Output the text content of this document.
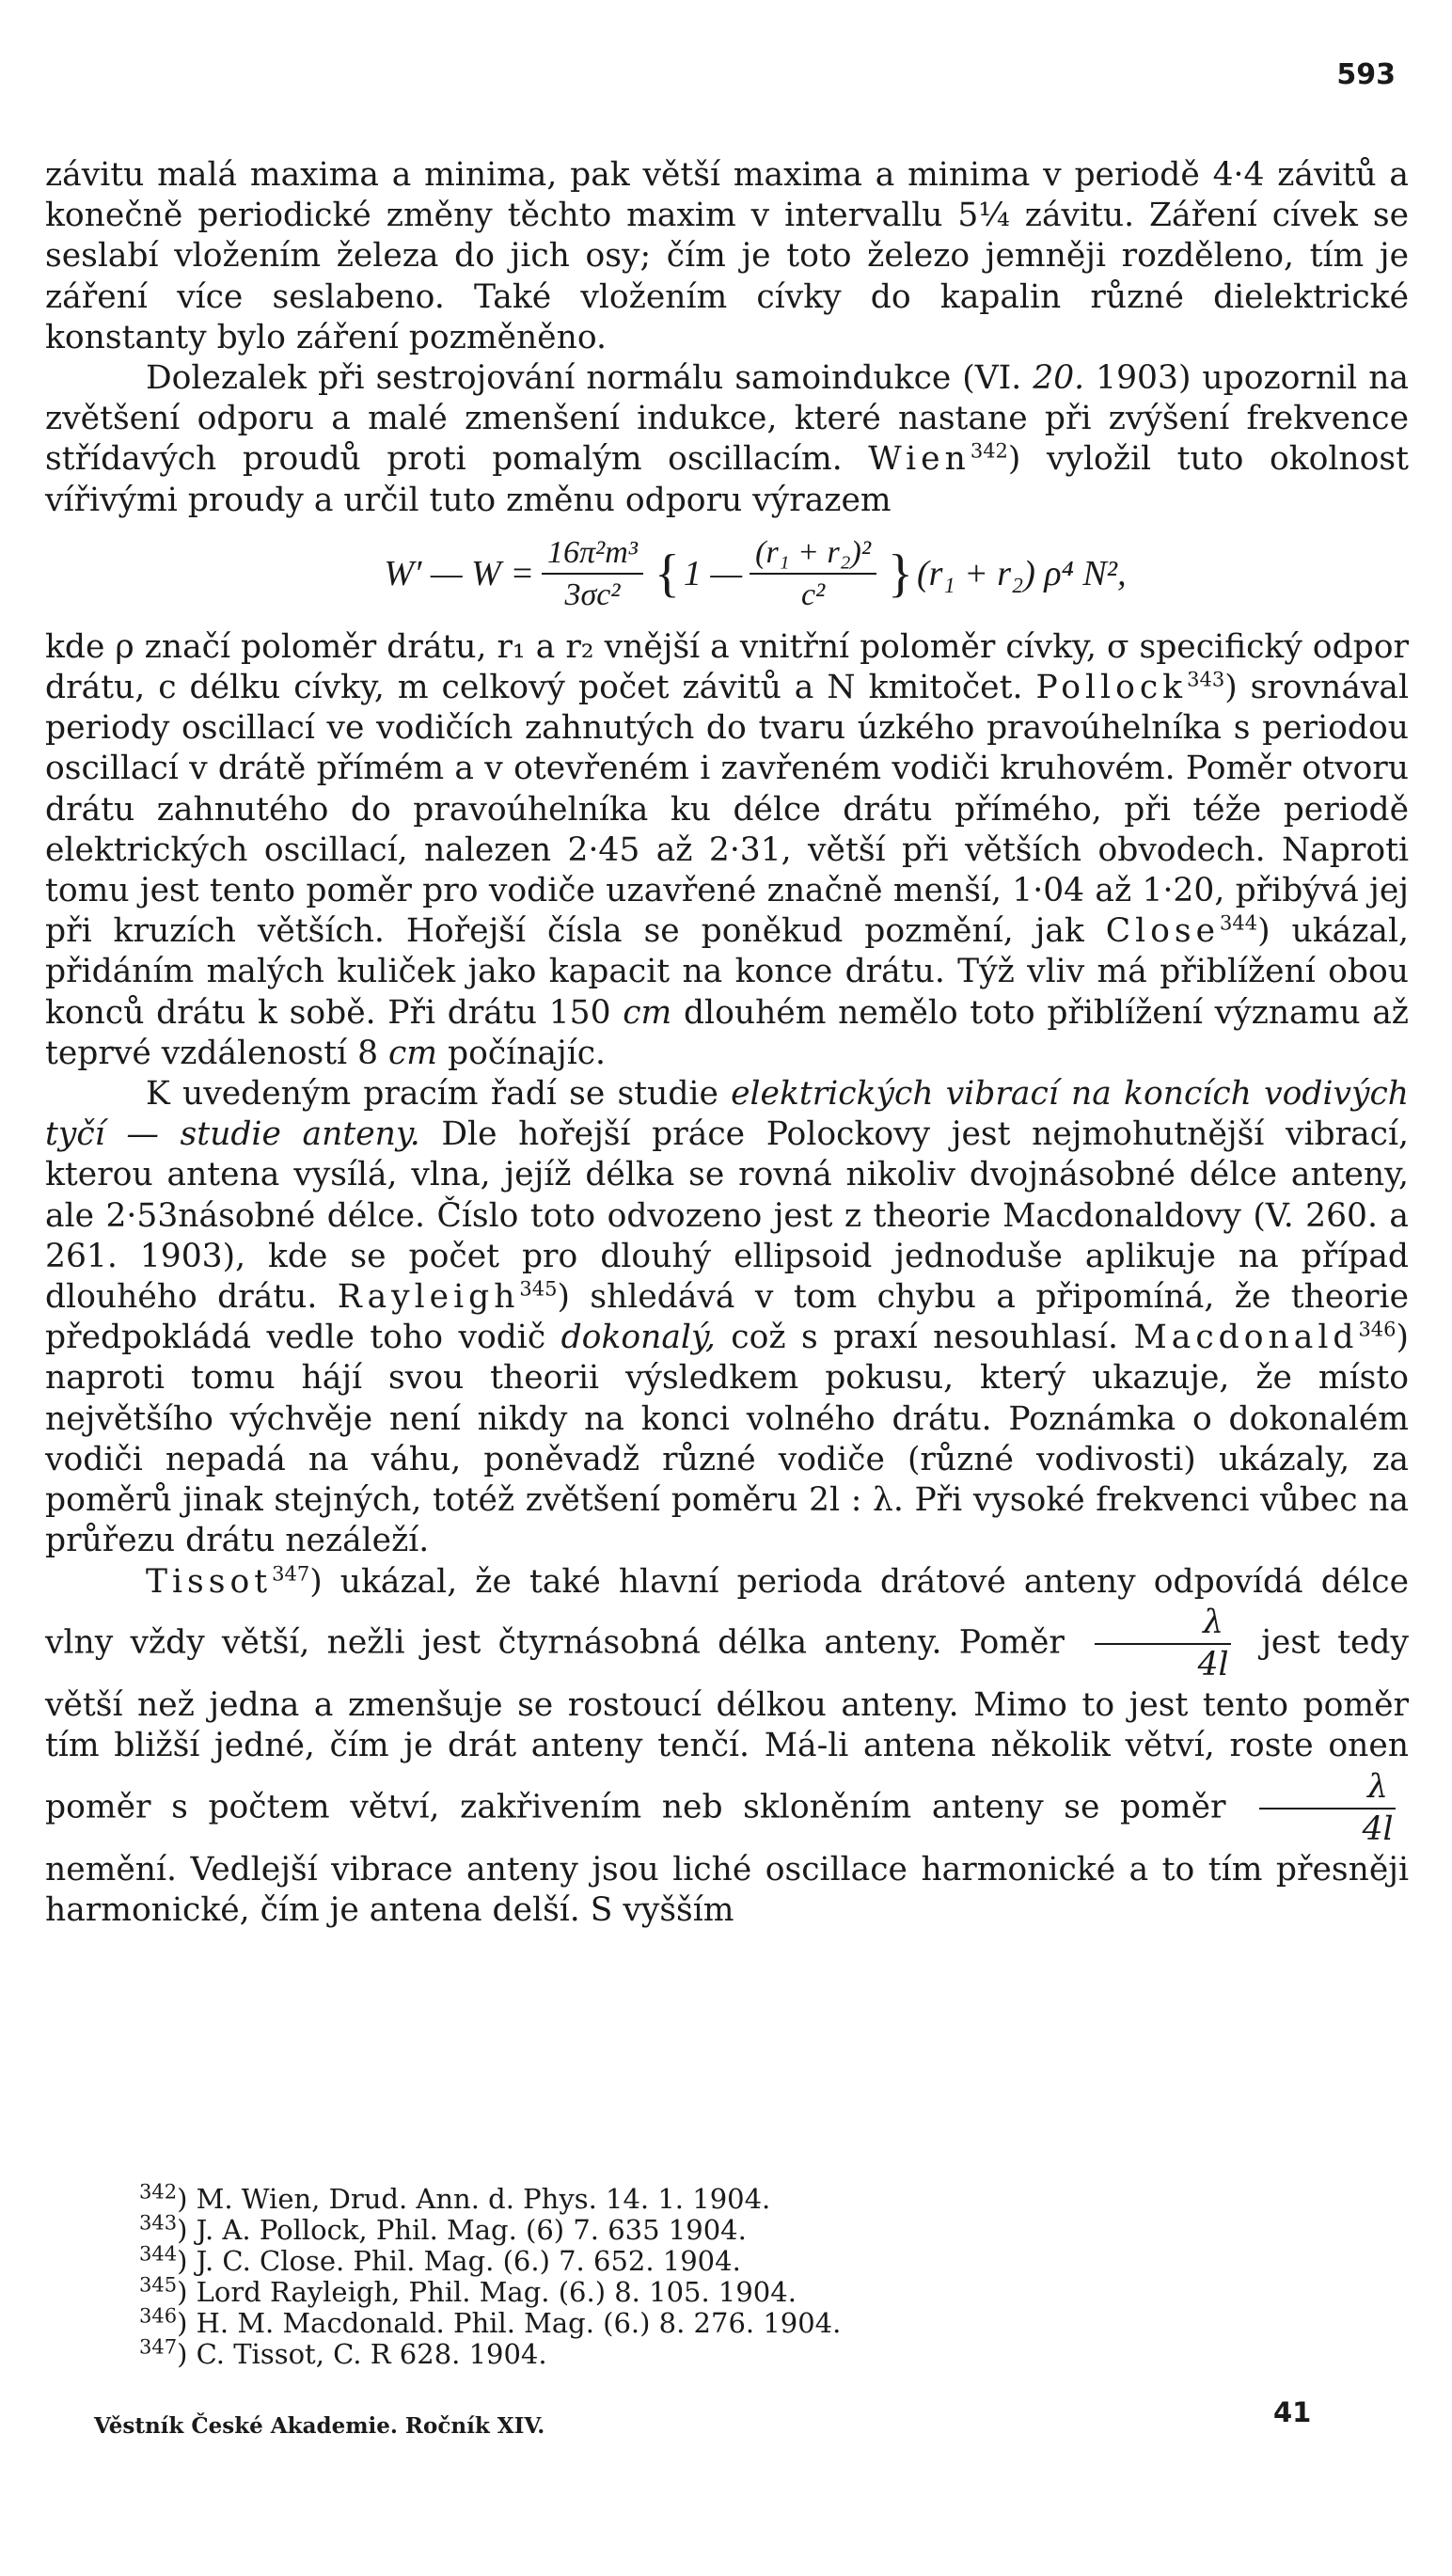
593

závitu malá maxima a minima, pak větší maxima a minima v periodě 4·4 závitů a konečně periodické změny těchto maxim v intervallu 5¹⁄₄ závitu. Záření cívek se seslabí vložením železa do jich osy; čím je toto železo jemněji rozděleno, tím je záření více seslabeno. Také vložením cívky do kapalin různé dielektrické konstanty bylo záření pozměněno.

Dolezalek při sestrojování normálu samoindukce (VI. 20. 1903) upozornil na zvětšení odporu a malé zmenšení indukce, které nastane při zvýšení frekvence střídavých proudů proti pomalým oscillacím. Wien$^{342}$) vyložil tuto okolnost vířivými proudy a určil tuto změnu odporu výrazem

W′ — $W = \frac{\text{16π²m³}}{\text{3σc²}}$ { 1 — $\frac{\text{(r₁ + r₂)²}}{\text{c²}}$ } (r₁ + r₂) ρ⁴ N²,

kde ρ značí poloměr drátu, r₁ a r₂ vnější a vnitřní poloměr cívky, σ specifický odpor drátu, c délku cívky, m celkový počet závitů a N kmitočet. Pollock$^{343}$) srovnával periody oscillací ve vodičích zahnutých do tvaru úzkého pravoúhelníka s periodou oscillací v drátě přímém a v otevřeném i zavřeném vodiči kruhovém. Poměr otvoru drátu zahnutého do pravoúhelníka ku délce drátu přímého, při téže periodě elektrických oscillací, nalezen 2·45 až 2·31, větší při větších obvodech. Naproti tomu jest tento poměr pro vodiče uzavřené značně menší, 1·04 až 1·20, přibývá jej při kruzích větších. Hořejší čísla se poněkud pozmění, jak Close$^{344}$) ukázal, přidáním malých kuliček jako kapacit na konce drátu. Týž vliv má přiblížení obou konců drátu k sobě. Při drátu 150 cm dlouhém nemělo toto přiblížení významu až teprvé vzdáleností 8 cm počínajíc.

K uvedeným pracím řadí se studie elektrických vibrací na koncích vodivých tyčí — studie anteny. Dle hořejší práce Polockovy jest nejmohutnější vibrací, kterou antena vysílá, vlna, jejíž délka se rovná nikoliv dvojnásobné délce anteny, ale 2·53násobné délce. Číslo toto odvozeno jest z theorie Macdonaldovy (V. 260. a 261. 1903), kde se počet pro dlouhý ellipsoid jednoduše aplikuje na případ dlouhého drátu. Rayleigh$^{345}$) shledává v tom chybu a připomíná, že theorie předpokládá vedle toho vodič dokonalý, což s praxí nesouhlasí. Macdonald$^{346}$) naproti tomu hájí svou theorii výsledkem pokusu, který ukazuje, že místo největšího výchvěje není nikdy na konci volného drátu. Poznámka o dokonalém vodiči nepadá na váhu, poněvadž různé vodiče (různé vodivosti) ukázaly, za poměrů jinak stejných, totéž zvětšení poměru 2l : λ. Při vysoké frekvenci vůbec na průřezu drátu nezáleží.

Tissot$^{347}$) ukázal, že také hlavní perioda drátové anteny odpovídá délce vlny vždy větší, nežli jest čtyrnásobná délka anteny. Poměr $\frac{\lambda}{4l}$ jest tedy větší než jedna a zmenšuje se rostoucí délkou anteny. Mimo to jest tento poměr tím bližší jedné, čím je drát anteny tenčí. Má-li antena několik větví, roste onen poměr s počtem větví, zakřivením neb skloněním anteny se poměr $\frac{\lambda}{4l}$
nemění. Vedlejší vibrace anteny jsou liché oscillace harmonické a to tím přesněji harmonické, čím je antena delší. S vyšším

$^{342}$) M. Wien, Drud. Ann. d. Phys. 14. 1. 1904.

$^{343}$) J. A. Pollock, Phil. Mag. (6) 7. 635 1904.

$^{344}$) J. C. Close. Phil. Mag. (6.) 7. 652. 1904.

$^{345}$) Lord Rayleigh, Phil. Mag. (6.) 8. 105. 1904.

$^{346}$) H. M. Macdonald. Phil. Mag. (6.) 8. 276. 1904.

$^{347}$) C. Tissot, C. R 628. 1904.

Věstník České Akademie. Ročník XIV.	41
